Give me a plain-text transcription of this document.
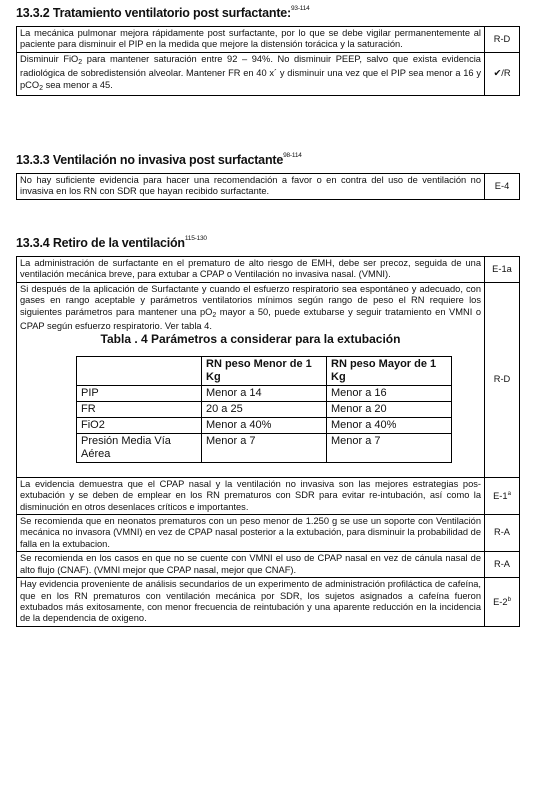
13.3.2 Tratamiento ventilatorio post surfactante:$^{93-114}$
La mecánica pulmonar mejora rápidamente post surfactante, por lo que se debe vigilar permanentemente al paciente para disminuir el PIP en la medida que mejore la distensión torácica y la saturación.	R-D
Disminuir FiO$_2$ para mantener saturación entre 92 – 94%. No disminuir PEEP, salvo que exista evidencia radiológica de sobredistensión alveolar. Mantener FR en 40 x´ y disminuir una vez que el PIP sea menor a 16 y pCO$_2$ sea menor a 45.	✔/R
13.3.3 Ventilación no invasiva post surfactante$^{98-114}$
No hay suficiente evidencia para hacer una recomendación a favor o en contra del uso de ventilación no invasiva en los RN con SDR que hayan recibido surfactante.	E-4
13.3.4 Retiro de la ventilación$^{115-130}$
La administración de surfactante en el prematuro de alto riesgo de EMH, debe ser precoz, seguida de una ventilación mecánica breve, para extubar a CPAP o Ventilación no invasiva nasal. (VMNI).	E-1a

Si después de la aplicación de Surfactante y cuando el esfuerzo respiratorio sea espontáneo y adecuado, con gases en rango aceptable y parámetros ventilatorios mínimos según rango de peso el RN requiere los siguientes parámetros para mantener una $pO_2$ mayor a 50, puede extubarse y seguir tratamiento en VMNI o CPAP según esfuerzo respiratorio. Ver tabla 4.
Tabla . 4 Parámetros a considerar para la extubación
	RN peso Menor de 1 Kg	RN peso Mayor de 1 Kg
PIP	Menor a 14	Menor a 16
FR	20 a 25	Menor a 20
FiO2	Menor a 40%	Menor a 40%
Presión Media Vía Aérea	Menor a 7	Menor a 7
	R-D
La evidencia demuestra que el CPAP nasal y la ventilación no invasiva son las mejores estrategias pos-extubación y se deben de emplear en los RN prematuros con SDR para evitar re-intubación, así como la disminución en otros desenlaces críticos e importantes.	E-1$^a$
Se recomienda que en neonatos prematuros con un peso menor de 1.250 g se use un soporte con Ventilación mecánica no invasora (VMNI) en vez de CPAP nasal posterior a la extubación, para disminuir la probabilidad de falla en la extubacion.	R-A
Se recomienda en los casos en que no se cuente con VMNI el uso de CPAP nasal en vez de cánula nasal de alto flujo (CNAF). (VMNI mejor que CPAP nasal, mejor que CNAF).	R-A
Hay evidencia proveniente de análisis secundarios de un experimento de administración profiláctica de cafeína, que en los RN prematuros con ventilación mecánica por SDR, los sujetos asignados a cafeína fueron extubados más exitosamente, con menor frecuencia de reintubación y una aparente reducción en la incidencia de la dependencia de oxigeno.	E-2$^b$
